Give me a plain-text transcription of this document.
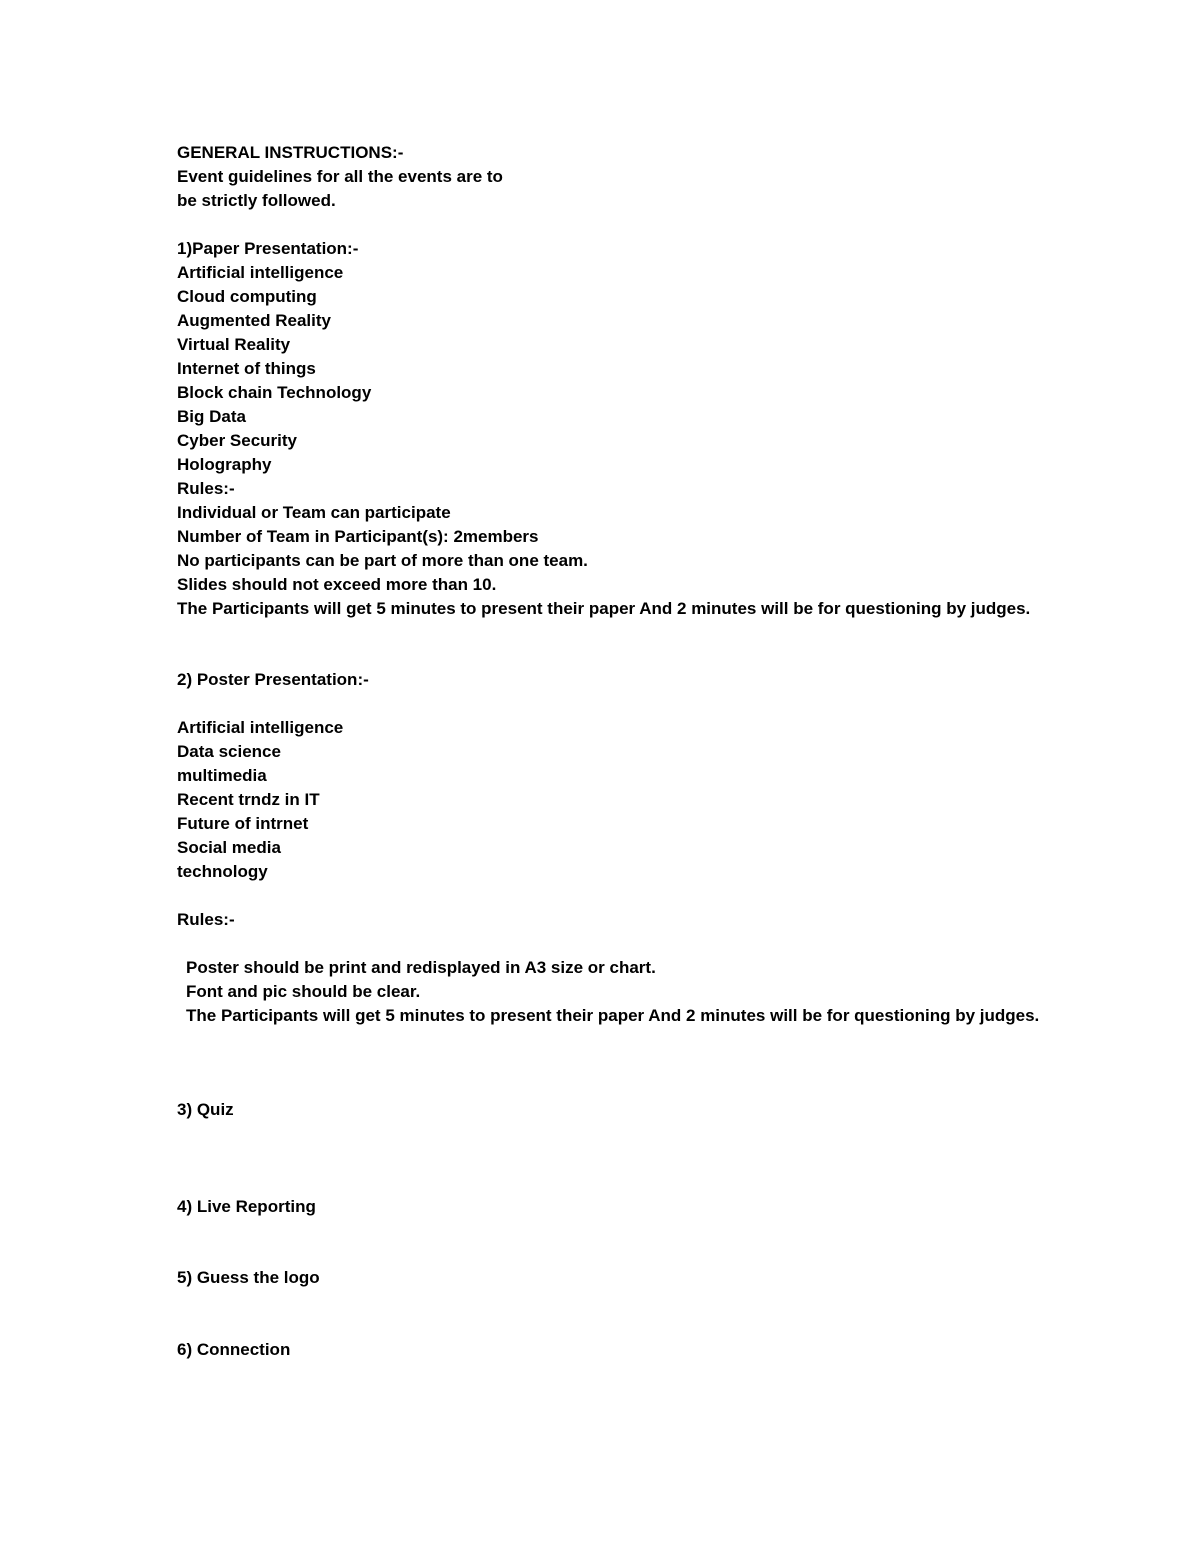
GENERAL INSTRUCTIONS:-
Event guidelines for all the events are to
be strictly followed.
1)Paper Presentation:-
Artificial intelligence
Cloud computing
Augmented Reality
Virtual Reality
Internet of things
Block chain Technology
Big Data
Cyber Security
Holography
Rules:-
Individual or Team can participate
Number of Team in Participant(s): 2members
No participants can be part of more than one team.
Slides should not exceed more than 10.
The Participants will get 5 minutes to present their paper And 2 minutes will be for questioning by judges.
2) Poster Presentation:-
Artificial intelligence
Data science
multimedia
Recent trndz in IT
Future of intrnet
Social media
technology
Rules:-
Poster should be print and redisplayed in A3 size or chart.
Font and pic should be clear.
The Participants will get 5 minutes to present their paper And 2 minutes will be for questioning by judges.
3) Quiz
4) Live Reporting
5) Guess the logo
6) Connection
